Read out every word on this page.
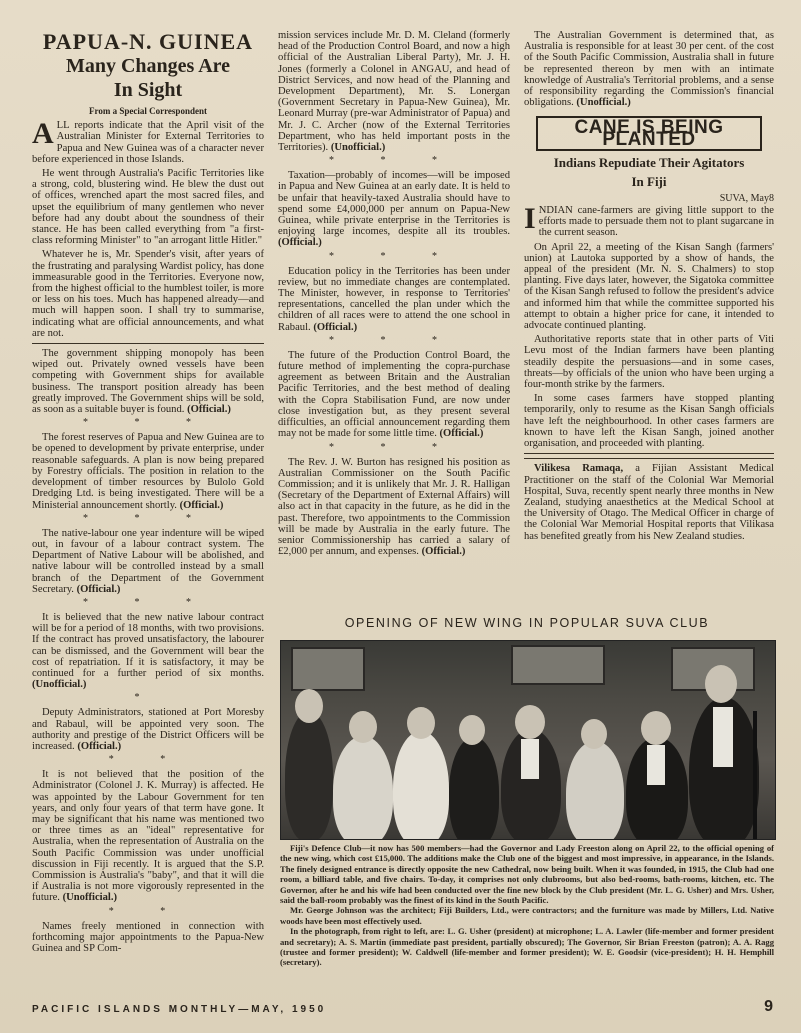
PAPUA-N. GUINEA
Many Changes Are
In Sight
From a Special Correspondent

ALL reports indicate that the April visit of the Australian Minister for External Territories to Papua and New Guinea was of a character never before experienced in those Islands.

He went through Australia's Pacific Territories like a strong, cold, blustering wind. He blew the dust out of offices, wrenched apart the most sacred files, and upset the equilibrium of many gentlemen who never before had any doubt about the soundness of their stance. He has been called everything from "a first-class reforming Minister" to "an arrogant little Hitler."

Whatever he is, Mr. Spender's visit, after years of the frustrating and paralysing Wardist policy, has done immeasurable good in the Territories. Everyone now, from the highest official to the humblest toiler, is more or less on his toes. Much has happened already—and much will happen soon. I shall try to summarise, indicating what are official announcements, and what are not.

The government shipping monopoly has been wiped out. Privately owned vessels have been competing with Government ships for available business. The transport position already has been greatly improved. The Government ships will be sold, as soon as a suitable buyer is found. (Official.)

* * *

The forest reserves of Papua and New Guinea are to be opened to development by private enterprise, under reasonable safeguards. A plan is now being prepared by Forestry officials. The position in relation to the development of timber resources by Bulolo Gold Dredging Ltd. is being investigated. There will be a Ministerial announcement shortly. (Official.)

* * *

The native-labour one year indenture will be wiped out, in favour of a labour contract system. The Department of Native Labour will be abolished, and native labour will be controlled instead by a small branch of the Department of the Government Secretary. (Official.)

* * *

It is believed that the new native labour contract will be for a period of 18 months, with two provisions. If the contract has proved unsatisfactory, the labourer can be dismissed, and the Government will bear the cost of repatriation. If it is satisfactory, it may be continued for a further period of six months. (Unofficial.)

*

Deputy Administrators, stationed at Port Moresby and Rabaul, will be appointed very soon. The authority and prestige of the District Officers will be increased. (Official.)

* *

It is not believed that the position of the Administrator (Colonel J. K. Murray) is affected. He was appointed by the Labour Government for ten years, and only four years of that term have gone. It may be significant that his name was mentioned two or three times as an "ideal" representative for Australia, when the representation of Australia on the South Pacific Commission was under unofficial discussion in Fiji recently. It is argued that the S.P. Commission is Australia's "baby", and that it will die if Australia is not more vigorously represented in the future. (Unofficial.)

* *

Names freely mentioned in connection with forthcoming major appointments to the Papua-New Guinea and SP Com-

mission services include Mr. D. M. Cleland (formerly head of the Production Control Board, and now a high official of the Australian Liberal Party), Mr. J. H. Jones (formerly a Colonel in ANGAU, and head of District Services, and now head of the Planning and Development Department), Mr. S. Lonergan (Government Secretary in Papua-New Guinea), Mr. Leonard Murray (pre-war Administrator of Papua) and Mr. J. C. Archer (now of the External Territories Department, who has held important posts in the Territories). (Unofficial.)

* * *

Taxation—probably of incomes—will be imposed in Papua and New Guinea at an early date. It is held to be unfair that heavily-taxed Australia should have to spend some £4,000,000 per annum on Papua-New Guinea, while private enterprise in the Territories is enjoying large incomes, despite all its troubles. (Official.)

* * *

Education policy in the Territories has been under review, but no immediate changes are contemplated. The Minister, however, in response to Territories' representations, cancelled the plan under which the children of all races were to attend the one school in Rabaul. (Official.)

* * *

The future of the Production Control Board, the future method of implementing the copra-purchase agreement as between Britain and the Australian Pacific Territories, and the best method of dealing with the Copra Stabilisation Fund, are now under close investigation but, as they present several difficulties, an official announcement regarding them may not be made for some little time. (Official.)

* * *

The Rev. J. W. Burton has resigned his position as Australian Commissioner on the South Pacific Commission; and it is unlikely that Mr. J. R. Halligan (Secretary of the Department of External Affairs) will also act in that capacity in the future, as he did in the past. Therefore, two appointments to the Commission will be made by Australia in the early future. The senior Commissionership has carried a salary of £2,000 per annum, and expenses. (Official.)

The Australian Government is determined that, as Australia is responsible for at least 30 per cent. of the cost of the South Pacific Commission, Australia shall in future be represented thereon by men with an intimate knowledge of Australia's Territorial problems, and a sense of responsibility regarding the Commission's financial obligations. (Unofficial.)

CANE IS BEING PLANTED
Indians Repudiate Their Agitators
In Fiji
SUVA, May8

INDIAN cane-farmers are giving little support to the efforts made to persuade them not to plant sugarcane in the current season.

On April 22, a meeting of the Kisan Sangh (farmers' union) at Lautoka supported by a show of hands, the appeal of the president (Mr. N. S. Chalmers) to stop planting. Five days later, however, the Sigatoka committee of the Kisan Sangh refused to follow the president's advice and informed him that while the committee supported his attempt to obtain a higher price for cane, it intended to advocate continued planting.

Authoritative reports state that in other parts of Viti Levu most of the Indian farmers have been planting steadily despite the persuasions—and in some cases, threats—by officials of the union who have been urging a four-month strike by the farmers.

In some cases farmers have stopped planting temporarily, only to resume as the Kisan Sangh officials have left the neighbourhood. In other cases farmers are known to have left the Kisan Sangh, joined another organisation, and proceeded with planting.

Vilikesa Ramaqa, a Fijian Assistant Medical Practitioner on the staff of the Colonial War Memorial Hospital, Suva, recently spent nearly three months in New Zealand, studying anaesthetics at the Medical School at the University of Otago. The Medical Officer in charge of the Colonial War Memorial Hospital reports that Vilikasa has benefited greatly from his New Zealand studies.

OPENING OF NEW WING IN POPULAR SUVA CLUB

Fiji's Defence Club—it now has 500 members—had the Governor and Lady Freeston along on April 22, to the official opening of the new wing, which cost £15,000. The additions make the Club one of the biggest and most impressive, in appearance, in the Islands. The finely designed entrance is directly opposite the new Cathedral, now being built. When it was founded, in 1915, the Club had one room, a billiard table, and five chairs. To-day, it comprises not only clubrooms, but also bed-rooms, bath-rooms, kitchen, etc. The Governor, after he and his wife had been conducted over the fine new block by the Club president (Mr. L. G. Usher) and Mrs. Usher, said the ball-room probably was the finest of its kind in the South Pacific.

Mr. George Johnson was the architect; Fiji Builders, Ltd., were contractors; and the furniture was made by Millers, Ltd. Native woods have been most effectively used.

In the photograph, from right to left, are: L. G. Usher (president) at microphone; L. A. Lawler (life-member and former president and secretary); A. S. Martin (immediate past president, partially obscured); The Governor, Sir Brian Freeston (patron); A. A. Ragg (trustee and former president); W. Caldwell (life-member and former president); W. E. Goodsir (vice-president); H. H. Hemphill (secretary).

PACIFIC ISLANDS MONTHLY—MAY, 1950	9
